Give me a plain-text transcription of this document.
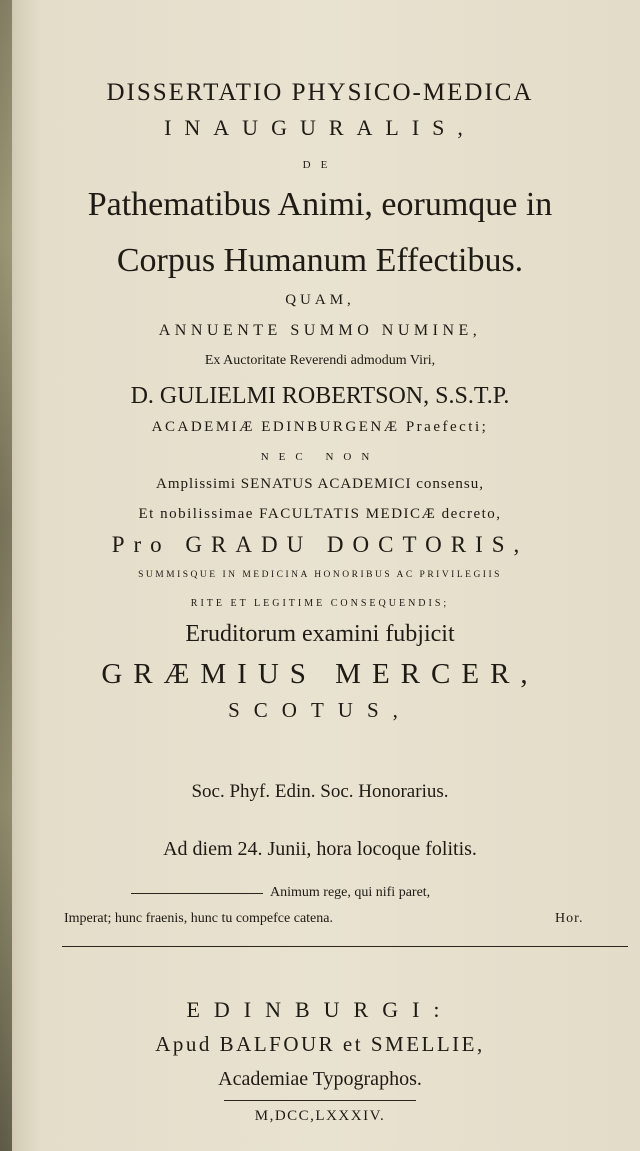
DISSERTATIO PHYSICO-MEDICA
INAUGURALIS,
DE
Pathematibus Animi, eorumque in
Corpus Humanum Effectibus.
QUAM,
ANNUENTE SUMMO NUMINE,
Ex Auctoritate Reverendi admodum Viri,
D. GULIELMI ROBERTSON, S.S.T.P.
ACADEMIÆ EDINBURGENÆ Praefecti;
NEC NON
Amplissimi SENATUS ACADEMICI consensu,
Et nobilissimae FACULTATIS MEDICÆ decreto,
Pro GRADU DOCTORIS,
SUMMISQUE IN MEDICINA HONORIBUS AC PRIVILEGIIS
RITE ET LEGITIME CONSEQUENDIS;
Eruditorum examini fubjicit
GRÆMIUS MERCER,
SCOTUS,
Soc. Phyf. Edin. Soc. Honorarius.
Ad diem 24. Junii, hora locoque folitis.
Animum rege, qui nifi paret,
Imperat; hunc fraenis, hunc tu compefce catena.	Hor.
EDINBURGI:
Apud BALFOUR et SMELLIE,
Academiae Typographos.
M,DCC,LXXXIV.
